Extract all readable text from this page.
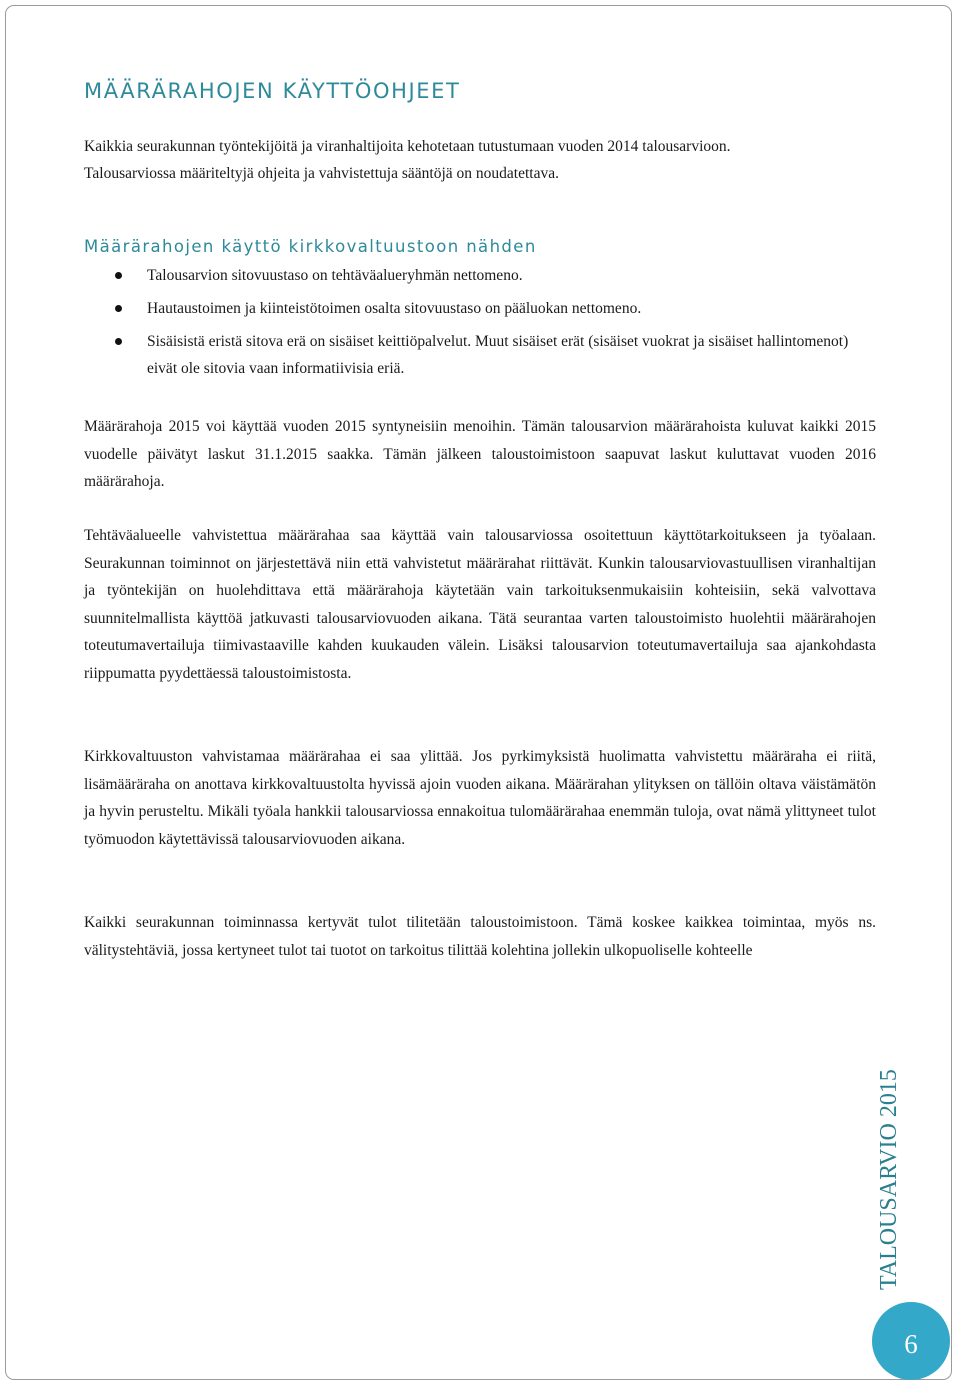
MÄÄRÄRAHOJEN KÄYTTÖOHJEET

Kaikkia seurakunnan työntekijöitä ja viranhaltijoita kehotetaan tutustumaan vuoden 2014 talousarvioon.

Talousarviossa määriteltyjä ohjeita ja vahvistettuja sääntöjä on noudatettava.

Määrärahojen käyttö kirkkovaltuustoon nähden
Talousarvion sitovuustaso on tehtäväalueryhmän nettomeno.
Hautaustoimen ja kiinteistötoimen osalta sitovuustaso on pääluokan nettomeno.
Sisäisistä eristä sitova erä on sisäiset keittiöpalvelut. Muut sisäiset erät (sisäiset vuokrat ja sisäiset hallintomenot) eivät ole sitovia vaan informatiivisia eriä.

Määrärahoja 2015 voi käyttää vuoden 2015 syntyneisiin menoihin. Tämän talousarvion määrärahoista kuluvat kaikki 2015 vuodelle päivätyt laskut 31.1.2015 saakka. Tämän jälkeen taloustoimistoon saapuvat laskut kuluttavat vuoden 2016 määrärahoja.

Tehtäväalueelle vahvistettua määrärahaa saa käyttää vain talousarviossa osoitettuun käyttötarkoitukseen ja työalaan. Seurakunnan toiminnot on järjestettävä niin että vahvistetut määrärahat riittävät. Kunkin talousarviovastuullisen viranhaltijan ja työntekijän on huolehdittava että määrärahoja käytetään vain tarkoituksenmukaisiin kohteisiin, sekä valvottava suunnitelmallista käyttöä jatkuvasti talousarviovuoden aikana. Tätä seurantaa varten taloustoimisto huolehtii määrärahojen toteutumavertailuja tiimivastaaville kahden kuukauden välein. Lisäksi talousarvion toteutumavertailuja saa ajankohdasta riippumatta pyydettäessä taloustoimistosta.

Kirkkovaltuuston vahvistamaa määrärahaa ei saa ylittää. Jos pyrkimyksistä huolimatta vahvistettu määräraha ei riitä, lisämääräraha on anottava kirkkovaltuustolta hyvissä ajoin vuoden aikana. Määrärahan ylityksen on tällöin oltava väistämätön ja hyvin perusteltu. Mikäli työala hankkii talousarviossa ennakoitua tulomäärärahaa enemmän tuloja, ovat nämä ylittyneet tulot työmuodon käytettävissä talousarviovuoden aikana.

Kaikki seurakunnan toiminnassa kertyvät tulot tilitetään taloustoimistoon. Tämä koskee kaikkea toimintaa, myös ns. välitystehtäviä, jossa kertyneet tulot tai tuotot on tarkoitus tilittää kolehtina jollekin ulkopuoliselle kohteelle

TALOUSARVIO 2015
6
